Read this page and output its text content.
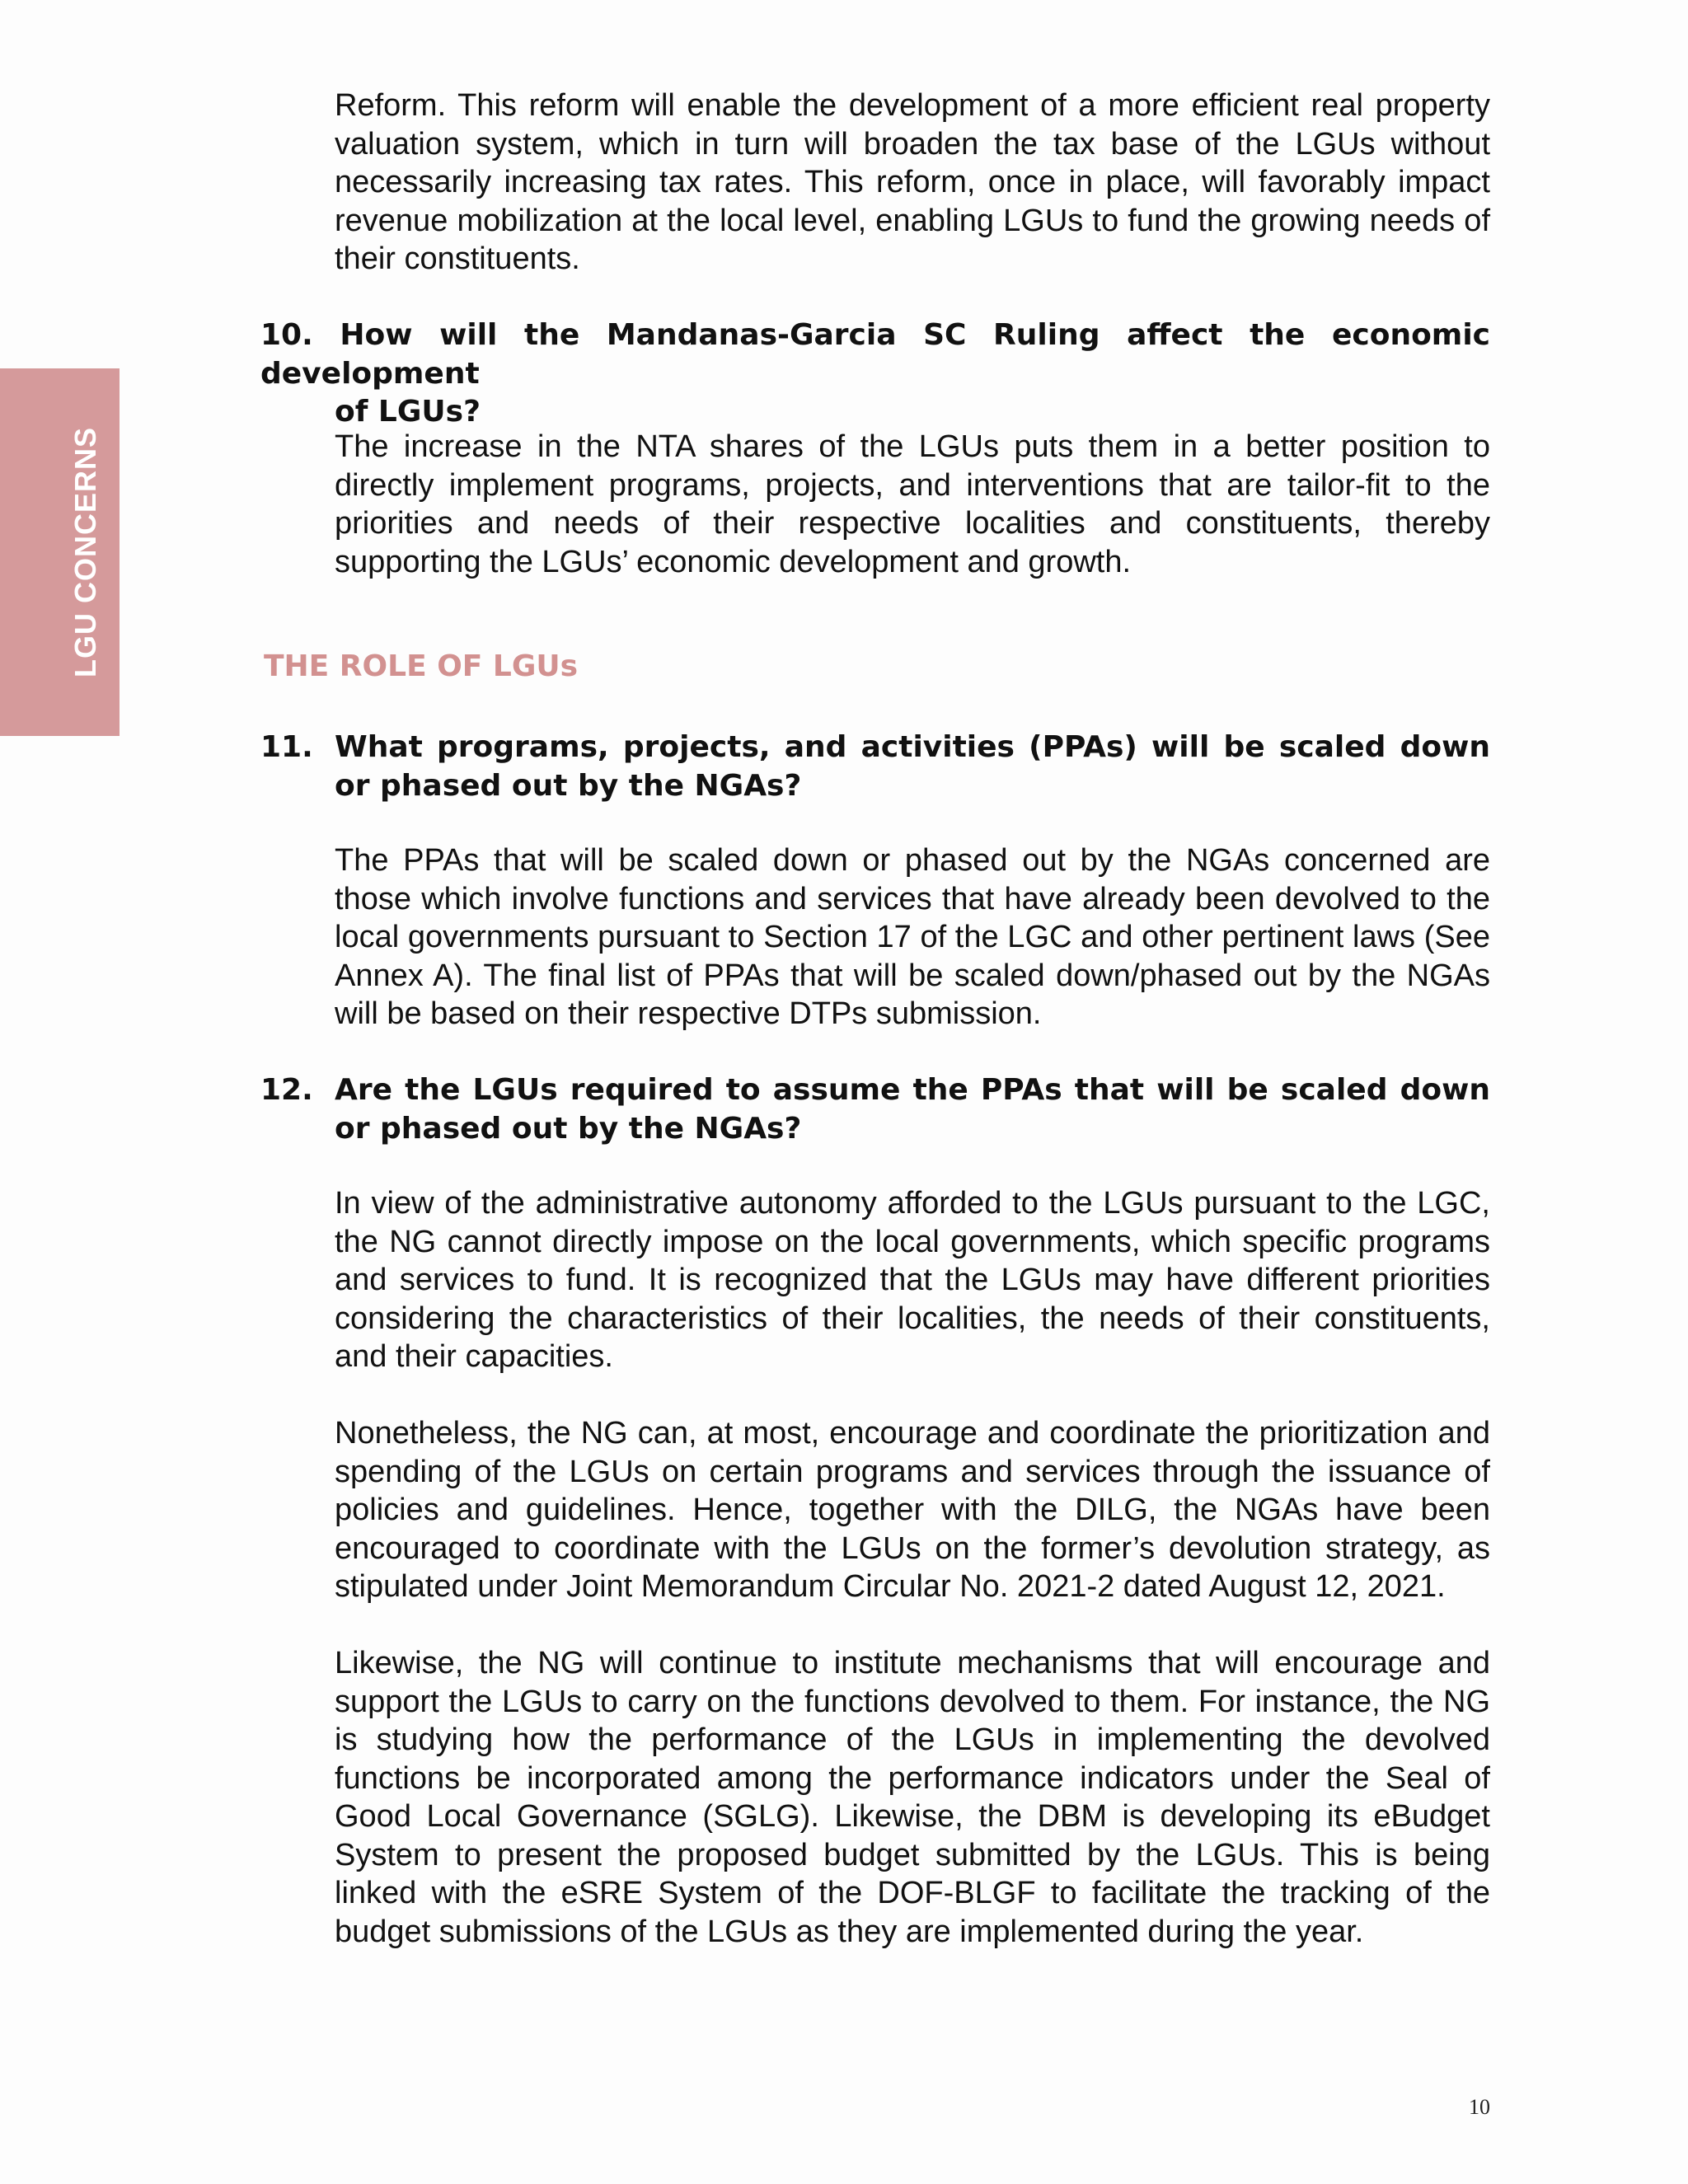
LGU CONCERNS

Reform. This reform will enable the development of a more efficient real property valuation system, which in turn will broaden the tax base of the LGUs without necessarily increasing tax rates. This reform, once in place, will favorably impact revenue mobilization at the local level, enabling LGUs to fund the growing needs of their constituents.

10. How will the Mandanas-Garcia SC Ruling affect the economic development
of LGUs?

The increase in the NTA shares of the LGUs puts them in a better position to directly implement programs, projects, and interventions that are tailor-fit to the priorities and needs of their respective localities and constituents, thereby supporting the LGUs’ economic development and growth.

THE ROLE OF LGUs

11. What programs, projects, and activities (PPAs) will be scaled down or phased out by the NGAs?

The PPAs that will be scaled down or phased out by the NGAs concerned are those which involve functions and services that have already been devolved to the local governments pursuant to Section 17 of the LGC and other pertinent laws (See Annex A). The final list of PPAs that will be scaled down/phased out by the NGAs will be based on their respective DTPs submission.

12. Are the LGUs required to assume the PPAs that will be scaled down or phased out by the NGAs?

In view of the administrative autonomy afforded to the LGUs pursuant to the LGC, the NG cannot directly impose on the local governments, which specific programs and services to fund. It is recognized that the LGUs may have different priorities considering the characteristics of their localities, the needs of their constituents, and their capacities.

Nonetheless, the NG can, at most, encourage and coordinate the prioritization and spending of the LGUs on certain programs and services through the issuance of policies and guidelines. Hence, together with the DILG, the NGAs have been encouraged to coordinate with the LGUs on the former’s devolution strategy, as stipulated under Joint Memorandum Circular No. 2021-2 dated August 12, 2021.

Likewise, the NG will continue to institute mechanisms that will encourage and support the LGUs to carry on the functions devolved to them. For instance, the NG is studying how the performance of the LGUs in implementing the devolved functions be incorporated among the performance indicators under the Seal of Good Local Governance (SGLG). Likewise, the DBM is developing its eBudget System to present the proposed budget submitted by the LGUs. This is being linked with the eSRE System of the DOF-BLGF to facilitate the tracking of the budget submissions of the LGUs as they are implemented during the year.

10
